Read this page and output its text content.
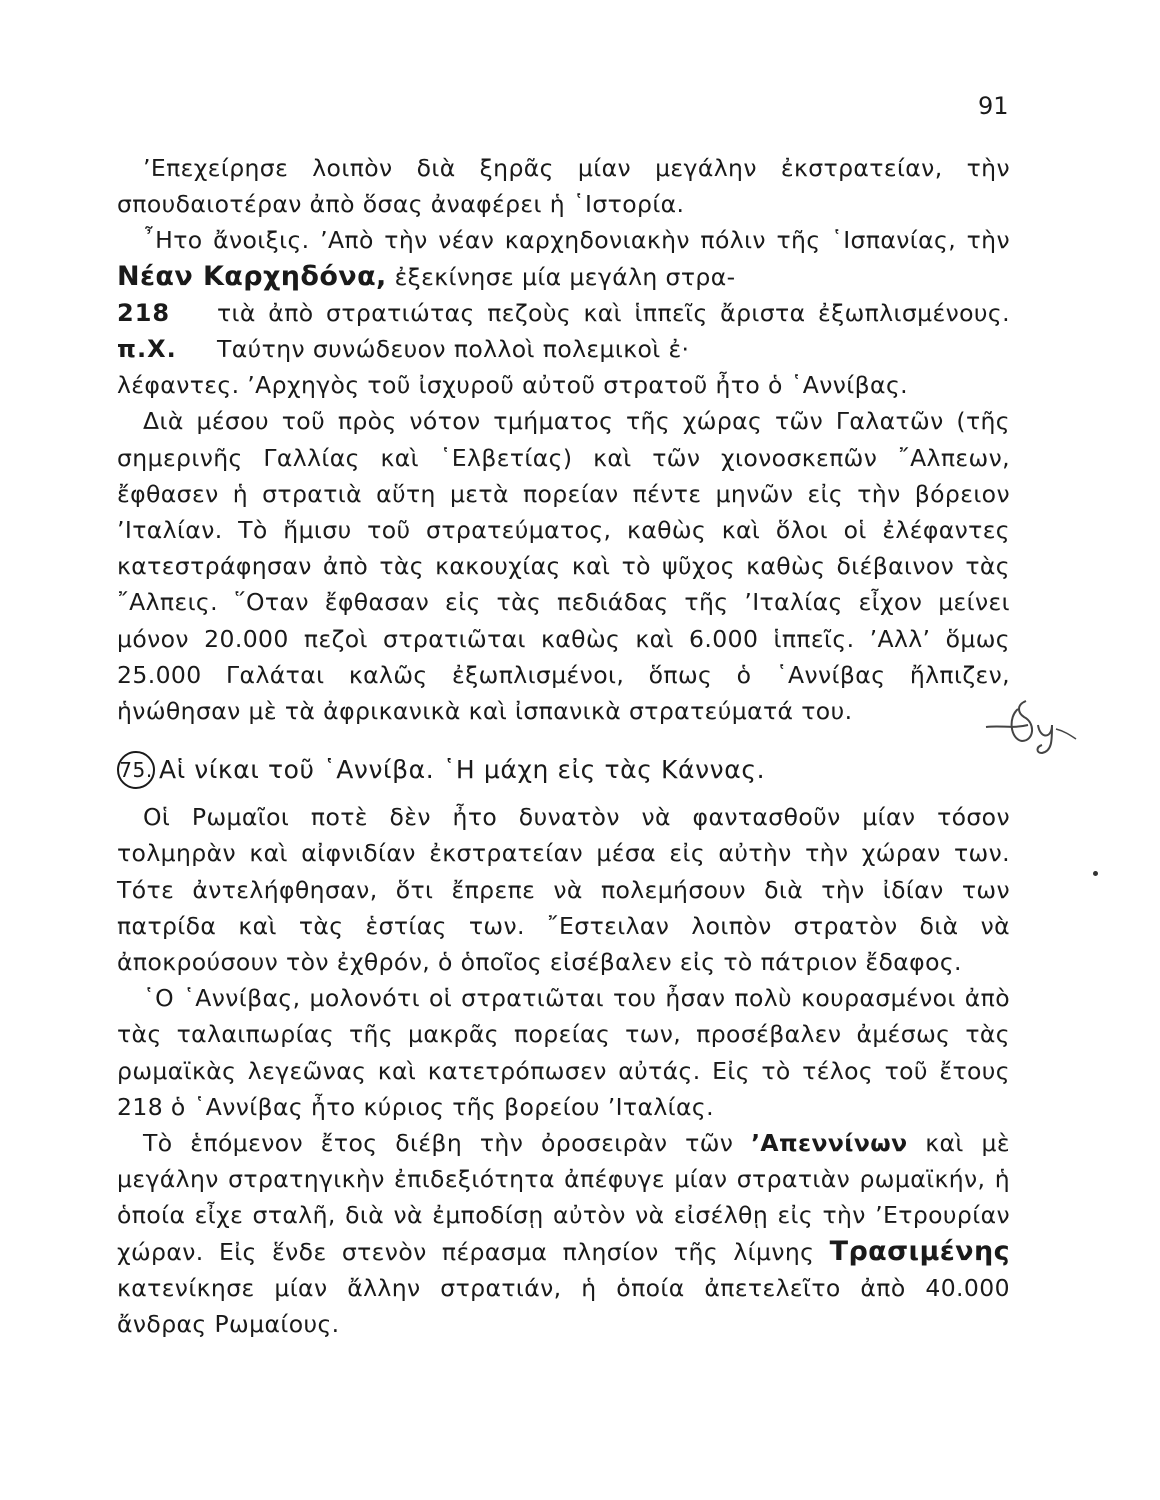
91

’Επεχείρησε λοιπὸν διὰ ξηρᾶς μίαν μεγάλην ἐκστρατείαν, τὴν σπουδαιοτέραν ἀπὸ ὅσας ἀναφέρει ἡ ῾Ιστορία.

῏Ητο ἄνοιξις. ’Απὸ τὴν νέαν καρχηδονιακὴν πόλιν τῆς ῾Ισπανίας, τὴν Νέαν Καρχηδόνα, ἐξεκίνησε μία μεγάλη στρα-

218 π.Χ.
τιὰ ἀπὸ στρατιώτας πεζοὺς καὶ ἱππεῖς ἄριστα ἐξωπλισμένους. Ταύτην συνώδευον πολλοὶ πολεμικοὶ ἐ·

λέφαντες. ’Αρχηγὸς τοῦ ἰσχυροῦ αὐτοῦ στρατοῦ ἦτο ὁ ῾Αννίβας.

Διὰ μέσου τοῦ πρὸς νότον τμήματος τῆς χώρας τῶν Γαλατῶν (τῆς σημερινῆς Γαλλίας καὶ ῾Ελβετίας) καὶ τῶν χιονοσκεπῶν ῎Αλπεων, ἔφθασεν ἡ στρατιὰ αὕτη μετὰ πορείαν πέντε μηνῶν εἰς τὴν βόρειον ’Ιταλίαν. Τὸ ἥμισυ τοῦ στρατεύματος, καθὼς καὶ ὅλοι οἱ ἐλέφαντες κατεστράφησαν ἀπὸ τὰς κακουχίας καὶ τὸ ψῦχος καθὼς διέβαινον τὰς ῎Αλπεις. ῞Οταν ἔφθασαν εἰς τὰς πεδιάδας τῆς ’Ιταλίας εἶχον μείνει μόνον 20.000 πεζοὶ στρατιῶται καθὼς καὶ 6.000 ἱππεῖς. ’Αλλ’ ὅμως 25.000 Γαλάται καλῶς ἐξωπλισμένοι, ὅπως ὁ ῾Αννίβας ἤλπιζεν, ἡνώθησαν μὲ τὰ ἀφρικανικὰ καὶ ἰσπανικὰ στρατεύματά του.

75. Αἱ νίκαι τοῦ ῾Αννίβα. ῾Η μάχη εἰς τὰς Κάννας.

Οἱ Ρωμαῖοι ποτὲ δὲν ἦτο δυνατὸν νὰ φαντασθοῦν μίαν τόσον τολμηρὰν καὶ αἰφνιδίαν ἐκστρατείαν μέσα εἰς αὐτὴν τὴν χώραν των. Τότε ἀντελήφθησαν, ὅτι ἔπρεπε νὰ πολεμήσουν διὰ τὴν ἰδίαν των πατρίδα καὶ τὰς ἑστίας των. ῎Εστειλαν λοιπὸν στρατὸν διὰ νὰ ἀποκρούσουν τὸν ἐχθρόν, ὁ ὁποῖος εἰσέβαλεν εἰς τὸ πάτριον ἔδαφος.

῾Ο ῾Αννίβας, μολονότι οἱ στρατιῶται του ἦσαν πολὺ κουρασμένοι ἀπὸ τὰς ταλαιπωρίας τῆς μακρᾶς πορείας των, προσέβαλεν ἀμέσως τὰς ρωμαϊκὰς λεγεῶνας καὶ κατετρόπωσεν αὐτάς. Εἰς τὸ τέλος τοῦ ἔτους 218 ὁ ῾Αννίβας ἦτο κύριος τῆς βορείου ’Ιταλίας.

Τὸ ἑπόμενον ἔτος διέβη τὴν ὀροσειρὰν τῶν ’Απεννίνων καὶ μὲ μεγάλην στρατηγικὴν ἐπιδεξιότητα ἀπέφυγε μίαν στρατιὰν ρωμαϊκήν, ἡ ὁποία εἶχε σταλῆ, διὰ νὰ ἐμποδίσῃ αὐτὸν νὰ εἰσέλθῃ εἰς τὴν ’Ετρουρίαν χώραν. Εἰς ἕνδε στενὸν πέρασμα πλησίον τῆς λίμνης Τρασιμένης κατενίκησε μίαν ἄλλην στρατιάν, ἡ ὁποία ἀπετελεῖτο ἀπὸ 40.000 ἄνδρας Ρωμαίους.
